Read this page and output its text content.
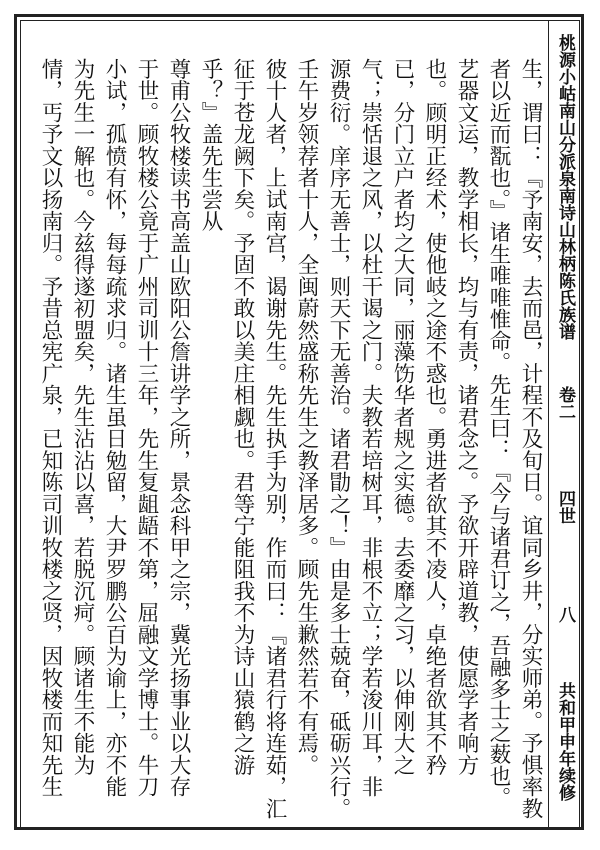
桃源小岵南山分派泉南诗山林柄陈氏族谱
卷二
四世
八
共和甲申年续修
生，谓曰：『予南安，去而邑，计程不及旬日。谊同乡井，分实师弟。予惧率教
者以近而翫也。』诸生唯唯惟命。先生曰：『今与诸君订之，吾融多士之薮也。
艺器文运，教学相长，均与有责，诸君念之。予欲开辟道教，使愿学者响方
也。顾明正经术，使他岐之途不惑也。勇进者欲其不凌人，卓绝者欲其不矜
已，分门立户者均之大同，丽藻饬华者规之实德。去委靡之习，以伸刚大之
气；崇恬退之风，以杜干谒之门。夫教若培树耳，非根不立；学若浚川耳，非
源费衍。庠序无善士，则天下无善治。诸君勖之！』由是多士兢奋，砥砺兴行。
壬午岁领荐者十人，全闽蔚然盛称先生之教泽居多。顾先生歉然若不有焉。
彼十人者，上试南宫，谒谢先生。先生执手为别，作而曰：『诸君行将连茹，汇
征于苍龙阙下矣。予固不敢以美庄相觑也。君等宁能阻我不为诗山猿鹤之游
乎？』盖先生尝从
尊甫公牧楼读书高盖山欧阳公詹讲学之所，景念科甲之宗，冀光扬事业以大存
于世。顾牧楼公竟于广州司训十三年，先生复龃龉不第，屈融文学博士。牛刀
小试，孤愤有怀，每每疏求归。诸生虽日勉留，大尹罗鹏公百为谕上，亦不能
为先生一解也。今兹得遂初盟矣，先生沾沾以喜，若脱沉疴。顾诸生不能为
情，丐予文以扬南归。予昔总宪广泉，已知陈司训牧楼之贤，因牧楼而知先生
